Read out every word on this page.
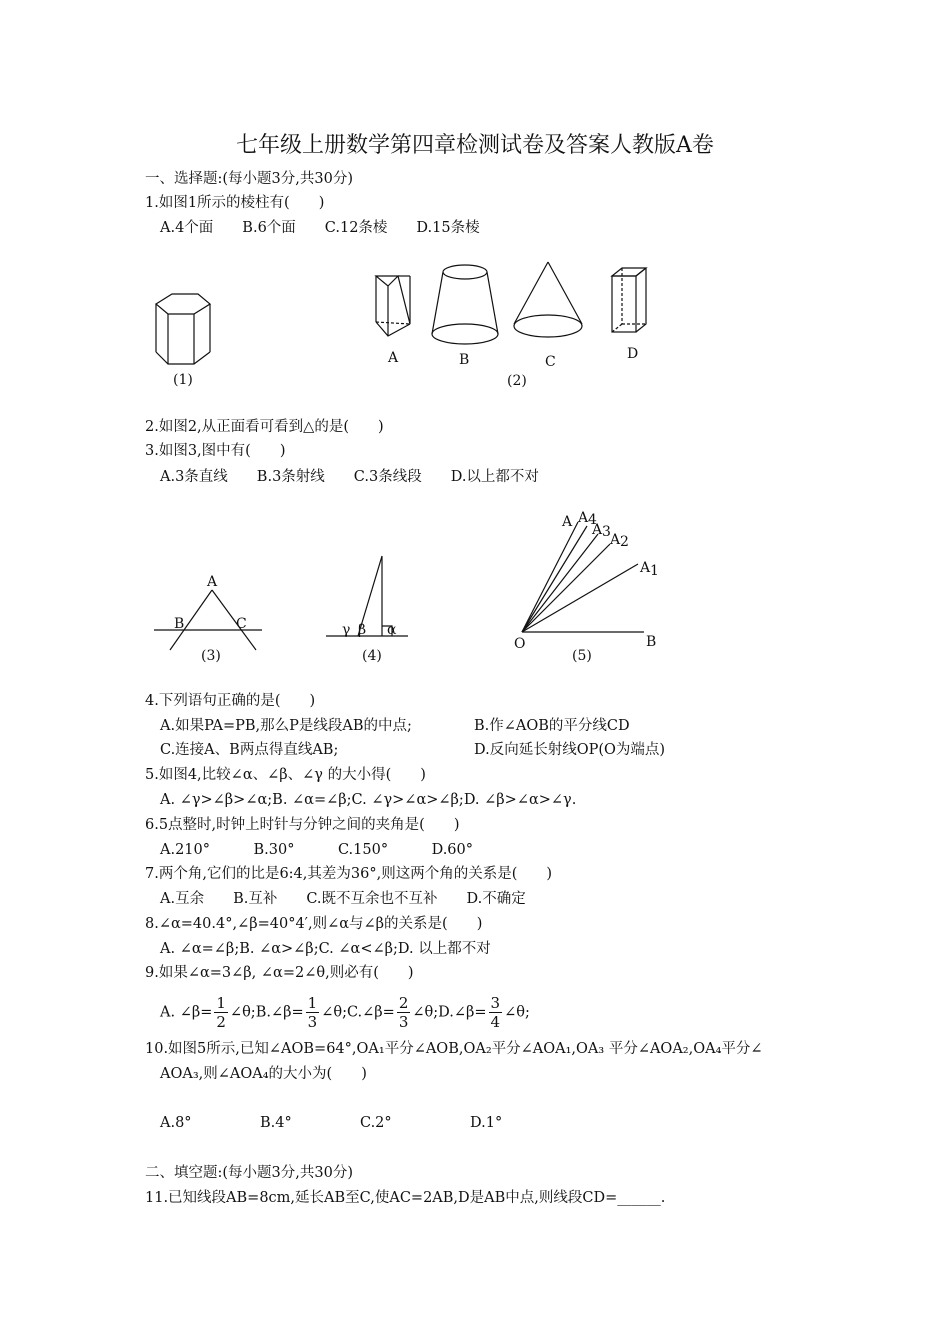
七年级上册数学第四章检测试卷及答案人教版A卷
一、选择题:(每小题3分,共30分)
1.如图1所示的棱柱有(　　)
A.4个面　　B.6个面　　C.12条棱　　D.15条棱
(1)
A	B	C	D
(2)
2.如图2,从正面看可看到△的是(　　)
3.如图3,图中有(　　)
A.3条直线　　B.3条射线　　C.3条线段　　D.以上都不对
A
B	C
(3)
γ β α
(4)
A A 4
A 3 A 2
A 1
O	B
(5)
4.下列语句正确的是(　　)
A.如果PA=PB,那么P是线段AB的中点;	B.作∠AOB的平分线CD
C.连接A、B两点得直线AB;	D.反向延长射线OP(O为端点)
5.如图4,比较∠α、∠β、∠γ 的大小得(　　)
A. ∠γ>∠β>∠α;B. ∠α=∠β;C. ∠γ>∠α>∠β;D. ∠β>∠α>∠γ.
6.5点整时,时钟上时针与分钟之间的夹角是(　　)
A.210°　　　B.30°　　　C.150°　　　D.60°
7.两个角,它们的比是6:4,其差为36°,则这两个角的关系是(　　)
A.互余　　B.互补　　C.既不互余也不互补　　D.不确定
8.∠α=40.4°,∠β=40°4′,则∠α与∠β的关系是(　　)
A. ∠α=∠β;B. ∠α>∠β;C. ∠α<∠β;D. 以上都不对
9.如果∠α=3∠β, ∠α=2∠θ,则必有(　　)
A. ∠β= $\frac{1}{2}$ ∠θ;B.∠β= $\frac{1}{3}$ ∠θ;C.∠β= $\frac{2}{3}$ ∠θ;D.∠β= $\frac{3}{4}$ ∠θ;
10.如图5所示,已知∠AOB=64°,OA₁平分∠AOB,OA₂平分∠AOA₁,OA₃ 平分∠AOA₂,OA₄平分∠
AOA₃,则∠AOA₄的大小为(　　)
A.8°	B.4°	C.2°	D.1°
二、填空题:(每小题3分,共30分)
11.已知线段AB=8cm,延长AB至C,使AC=2AB,D是AB中点,则线段CD=______.
